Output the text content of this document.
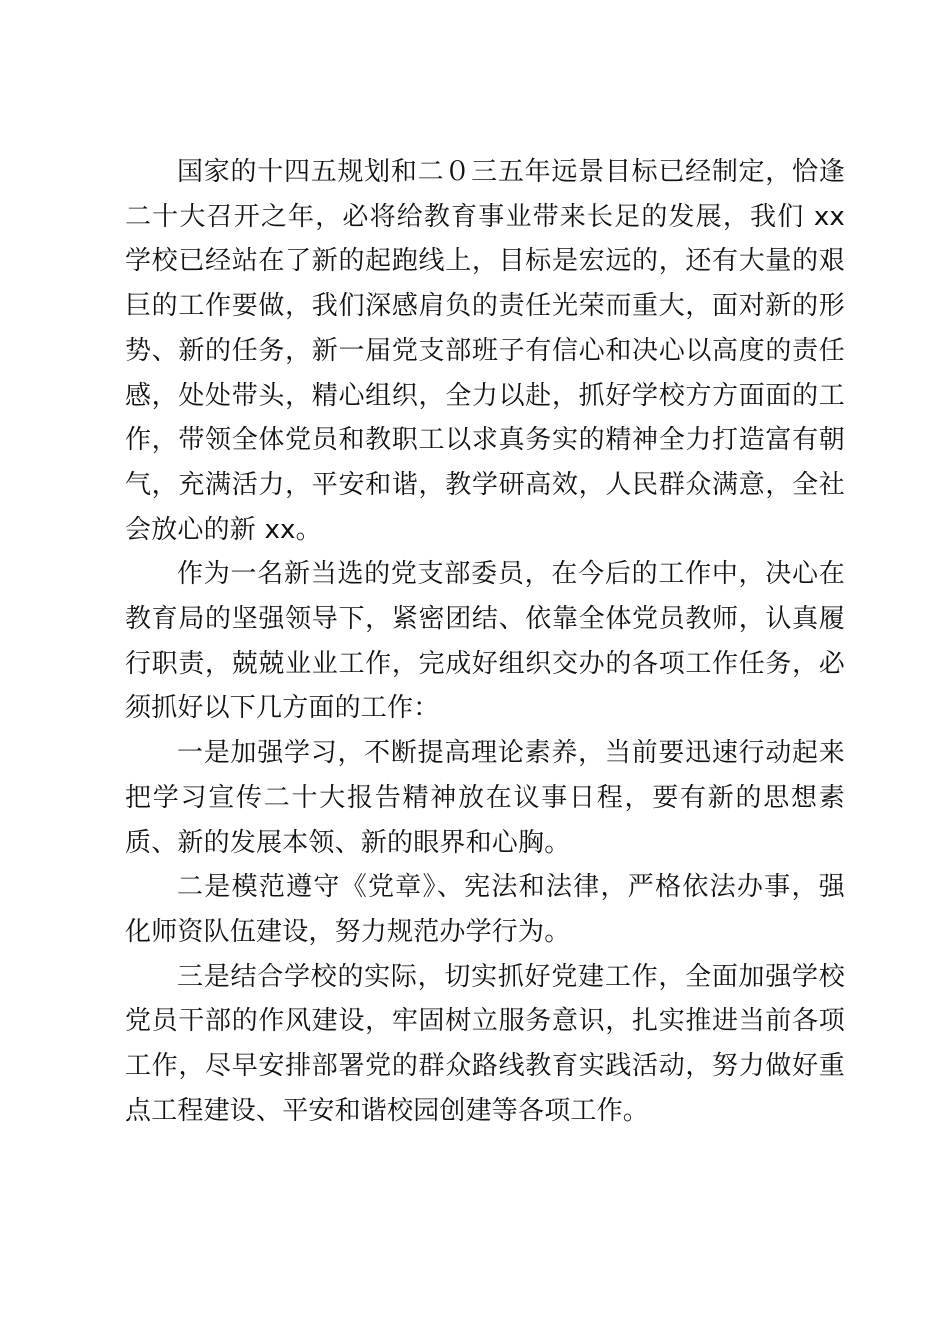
国家的十四五规划和二０三五年远景目标已经制定，恰逢二十大召开之年，必将给教育事业带来长足的发展，我们 xx 学校已经站在了新的起跑线上，目标是宏远的，还有大量的艰巨的工作要做，我们深感肩负的责任光荣而重大，面对新的形势、新的任务，新一届党支部班子有信心和决心以高度的责任感，处处带头，精心组织，全力以赴，抓好学校方方面面的工作，带领全体党员和教职工以求真务实的精神全力打造富有朝气，充满活力，平安和谐，教学研高效，人民群众满意，全社会放心的新 xx。

作为一名新当选的党支部委员，在今后的工作中，决心在教育局的坚强领导下，紧密团结、依靠全体党员教师，认真履行职责，兢兢业业工作，完成好组织交办的各项工作任务，必须抓好以下几方面的工作：

一是加强学习，不断提高理论素养，当前要迅速行动起来把学习宣传二十大报告精神放在议事日程，要有新的思想素质、新的发展本领、新的眼界和心胸。

二是模范遵守《党章》、宪法和法律，严格依法办事，强化师资队伍建设，努力规范办学行为。

三是结合学校的实际，切实抓好党建工作，全面加强学校党员干部的作风建设，牢固树立服务意识，扎实推进当前各项工作，尽早安排部署党的群众路线教育实践活动，努力做好重点工程建设、平安和谐校园创建等各项工作。
